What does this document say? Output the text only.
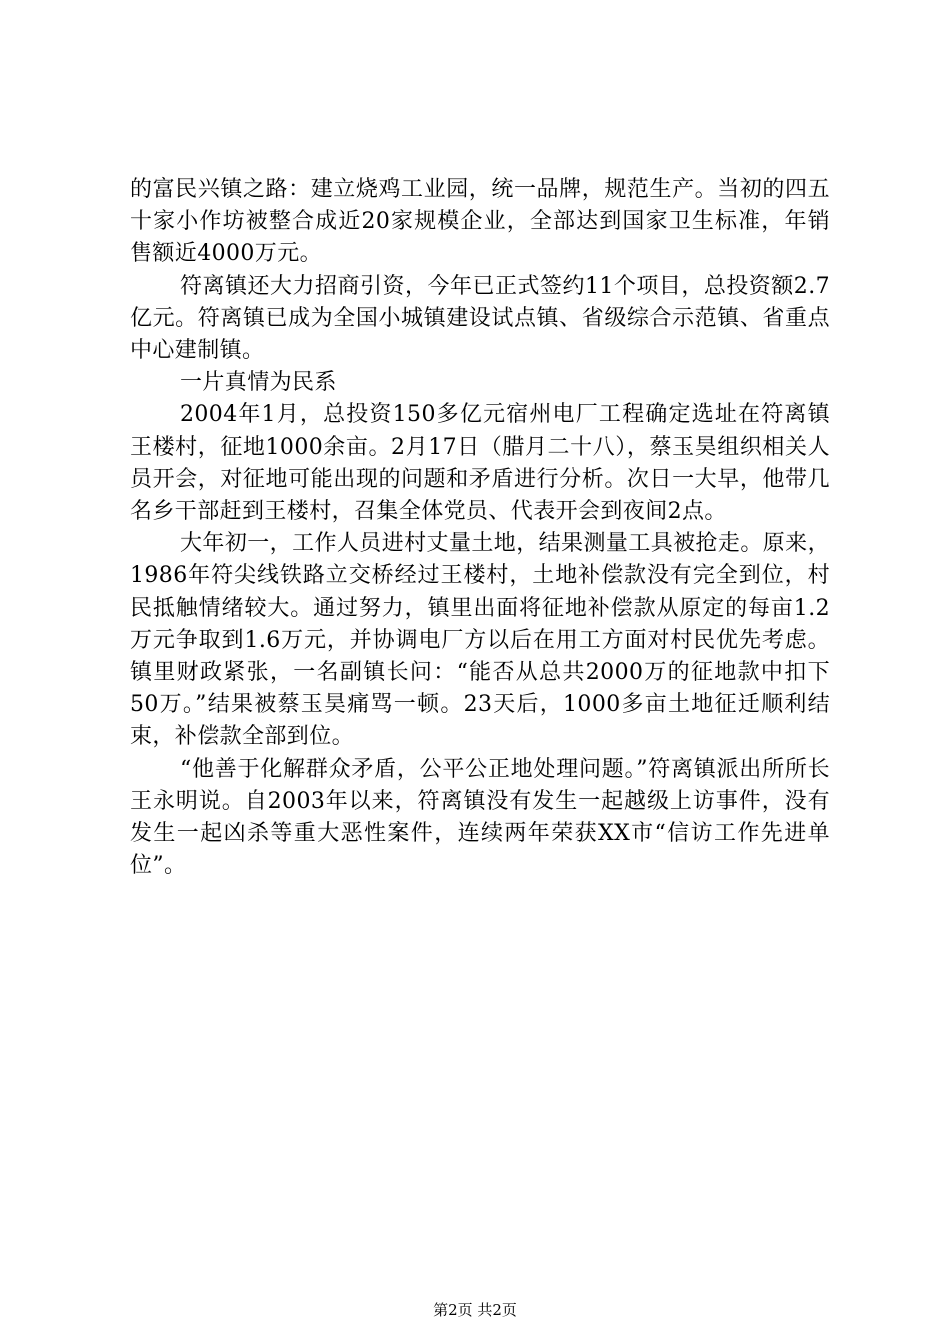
的富民兴镇之路：建立烧鸡工业园，统一品牌，规范生产。当初的四五十家小作坊被整合成近20家规模企业，全部达到国家卫生标准，年销售额近4000万元。

符离镇还大力招商引资，今年已正式签约11个项目，总投资额2.7亿元。符离镇已成为全国小城镇建设试点镇、省级综合示范镇、省重点中心建制镇。

一片真情为民系

2004年1月，总投资150多亿元宿州电厂工程确定选址在符离镇王楼村，征地1000余亩。2月17日（腊月二十八），蔡玉昊组织相关人员开会，对征地可能出现的问题和矛盾进行分析。次日一大早，他带几名乡干部赶到王楼村，召集全体党员、代表开会到夜间2点。

大年初一，工作人员进村丈量土地，结果测量工具被抢走。原来，1986年符尖线铁路立交桥经过王楼村，土地补偿款没有完全到位，村民抵触情绪较大。通过努力，镇里出面将征地补偿款从原定的每亩1.2万元争取到1.6万元，并协调电厂方以后在用工方面对村民优先考虑。镇里财政紧张，一名副镇长问：“能否从总共2000万的征地款中扣下50万。”结果被蔡玉昊痛骂一顿。23天后，1000多亩土地征迁顺利结束，补偿款全部到位。

“他善于化解群众矛盾，公平公正地处理问题。”符离镇派出所所长王永明说。自2003年以来，符离镇没有发生一起越级上访事件，没有发生一起凶杀等重大恶性案件，连续两年荣获XX市“信访工作先进单位”。

第2页 共2页
